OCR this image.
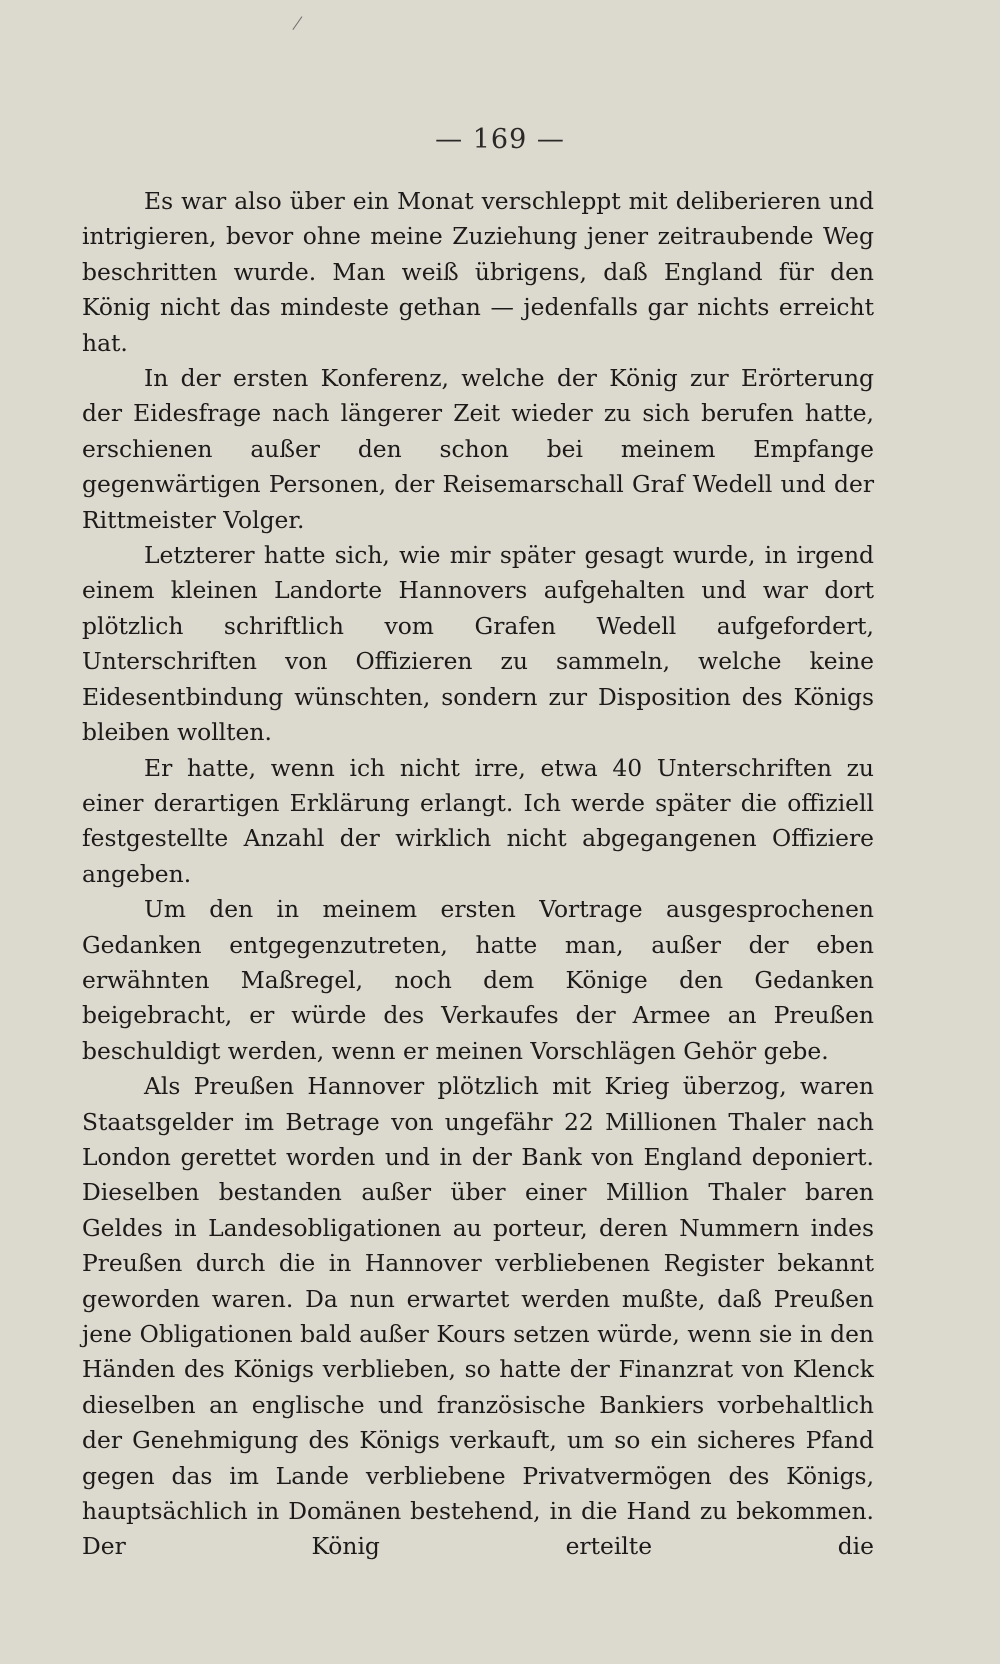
— 169 —

Es war also über ein Monat verschleppt mit deliberieren und intrigieren, bevor ohne meine Zuziehung jener zeitraubende Weg beschritten wurde. Man weiß übrigens, daß England für den König nicht das mindeste gethan — jedenfalls gar nichts erreicht hat.

In der ersten Konferenz, welche der König zur Erörterung der Eidesfrage nach längerer Zeit wieder zu sich berufen hatte, erschienen außer den schon bei meinem Empfange gegenwärtigen Personen, der Reisemarschall Graf Wedell und der Rittmeister Volger.

Letzterer hatte sich, wie mir später gesagt wurde, in irgend einem kleinen Landorte Hannovers aufgehalten und war dort plötzlich schriftlich vom Grafen Wedell aufgefordert, Unterschriften von Offizieren zu sammeln, welche keine Eidesentbindung wünschten, sondern zur Disposition des Königs bleiben wollten.

Er hatte, wenn ich nicht irre, etwa 40 Unterschriften zu einer derartigen Erklärung erlangt. Ich werde später die offiziell festgestellte Anzahl der wirklich nicht abgegangenen Offiziere angeben.

Um den in meinem ersten Vortrage ausgesprochenen Gedanken entgegenzutreten, hatte man, außer der eben erwähnten Maßregel, noch dem Könige den Gedanken beigebracht, er würde des Verkaufes der Armee an Preußen beschuldigt werden, wenn er meinen Vorschlägen Gehör gebe.

Als Preußen Hannover plötzlich mit Krieg überzog, waren Staatsgelder im Betrage von ungefähr 22 Millionen Thaler nach London gerettet worden und in der Bank von England deponiert. Dieselben bestanden außer über einer Million Thaler baren Geldes in Landesobligationen au porteur, deren Nummern indes Preußen durch die in Hannover verbliebenen Register bekannt geworden waren. Da nun erwartet werden mußte, daß Preußen jene Obligationen bald außer Kours setzen würde, wenn sie in den Händen des Königs verblieben, so hatte der Finanzrat von Klenck dieselben an englische und französische Bankiers vorbehaltlich der Genehmigung des Königs verkauft, um so ein sicheres Pfand gegen das im Lande verbliebene Privatvermögen des Königs, hauptsächlich in Domänen bestehend, in die Hand zu bekommen. Der König erteilte die
